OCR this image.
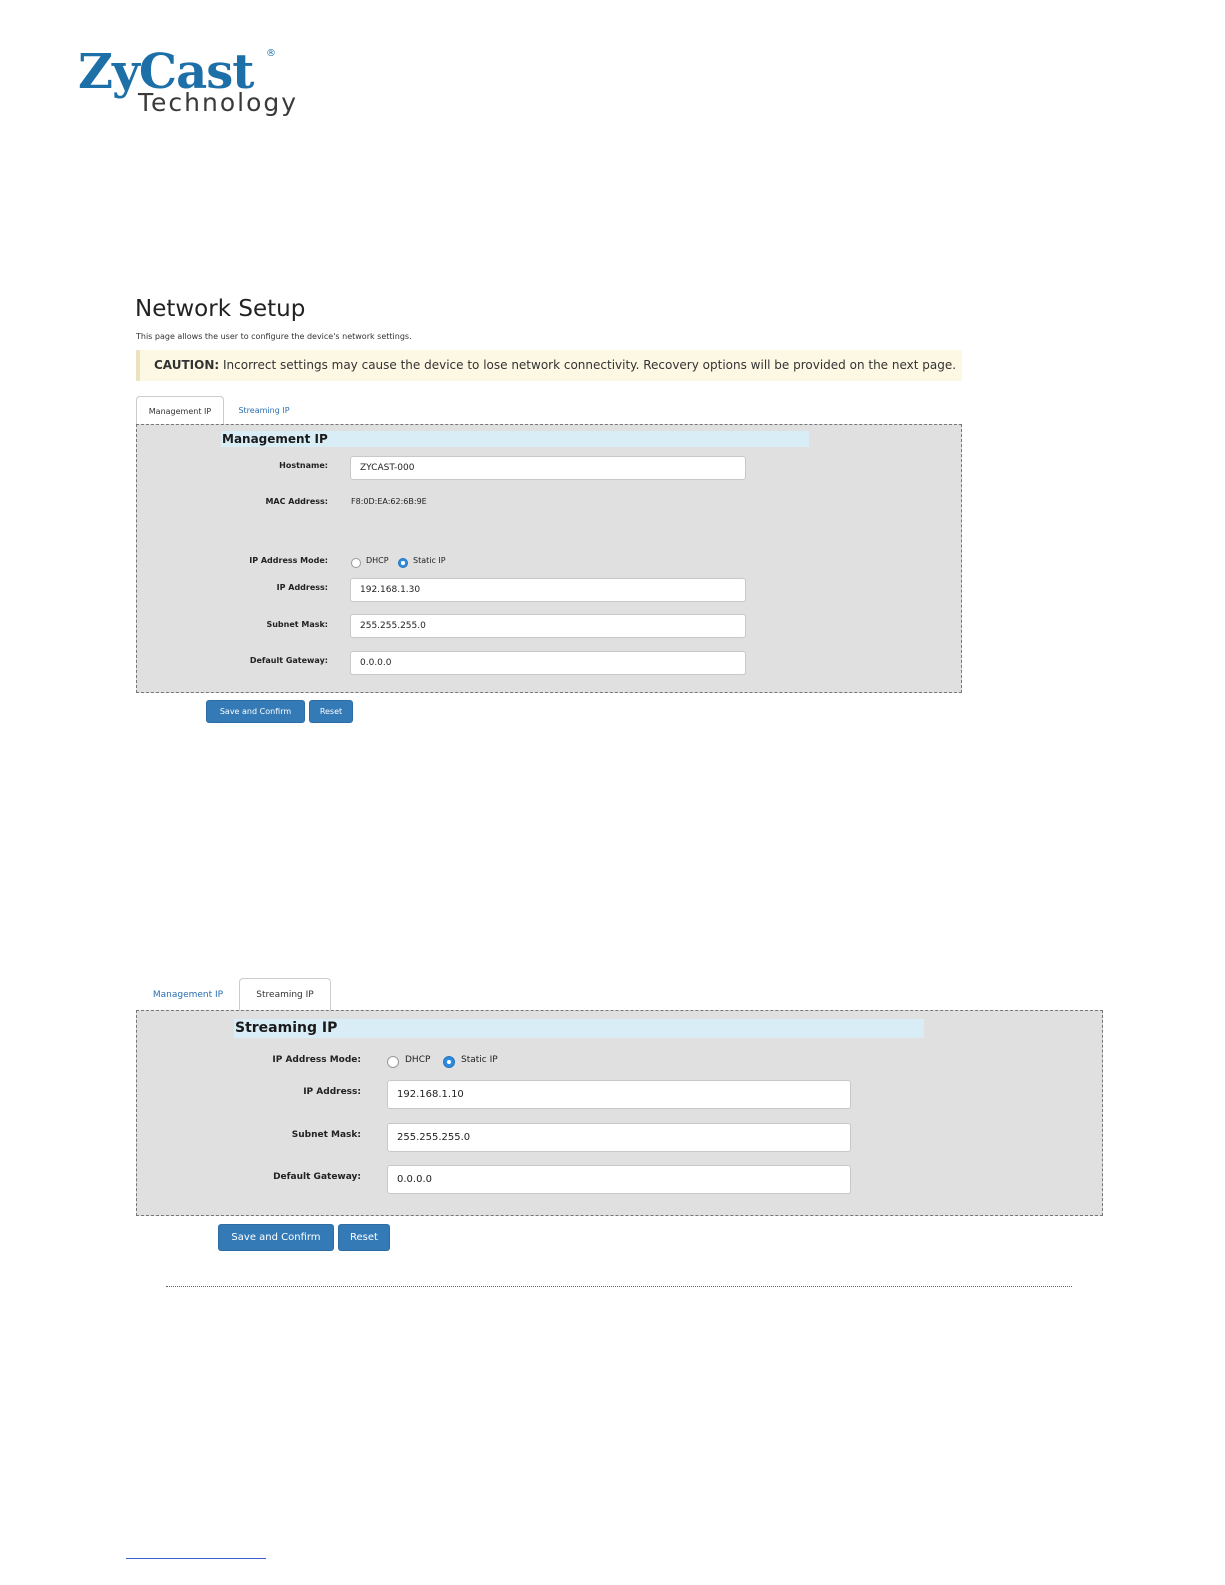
ZyCast ®
Technology
Network Setup
This page allows the user to configure the device's network settings.
CAUTION: Incorrect settings may cause the device to lose network connectivity. Recovery options will be provided on the next page.
Management IP	Streaming IP
Management IP
Hostname:	ZYCAST-000
MAC Address:	F8:0D:EA:62:6B:9E
IP Address Mode:	DHCP	Static IP
IP Address:	192.168.1.30
Subnet Mask:	255.255.255.0
Default Gateway:	0.0.0.0
Save and Confirm	Reset
Management IP	Streaming IP
Streaming IP
IP Address Mode:	DHCP	Static IP
IP Address:	192.168.1.10
Subnet Mask:	255.255.255.0
Default Gateway:	0.0.0.0
Save and Confirm	Reset
